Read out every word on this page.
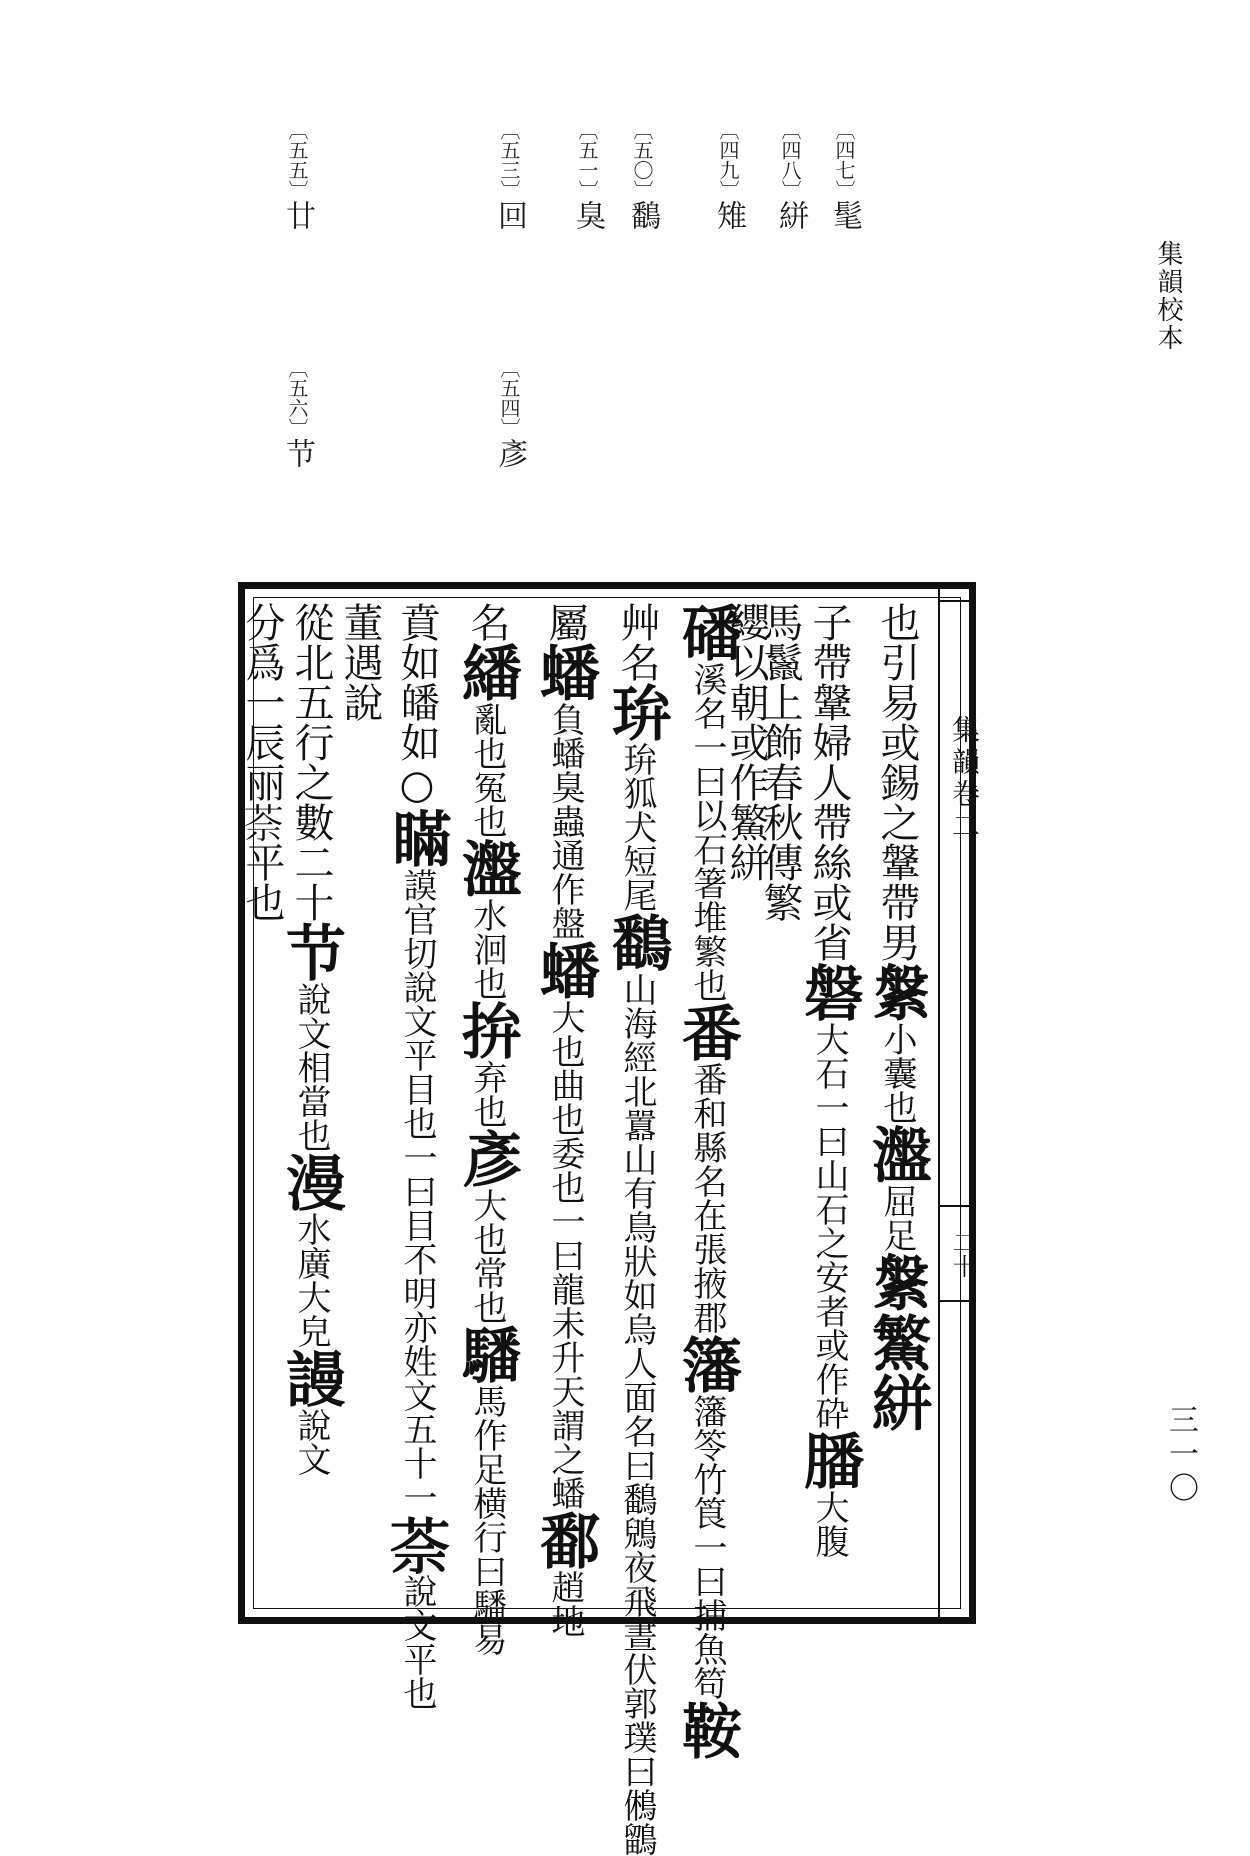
集韻校本
三一〇
〔四七〕髦
〔四八〕絣
〔四九〕雉
〔五〇〕鷭
〔五一〕臭
〔五三〕回
〔五四〕彥
〔五五〕廿
〔五六〕节
集韻卷二
二十
也引易或錫之鞶帶男
縏
小囊也
瀊
屈足
縏
鰵
絣
子帶鞶婦人帶絲或省
磐
大石一曰山石之安者或作砕
膰
大腹
馬鬣上飾春秋傳繁
纓以朝或作鰵絣
磻
溪名一曰以石箸堆繁也
番
番和縣名在張掖郡
籓
籓笭竹筤一曰捕魚笱
鞍
艸名
㺹
㺹狐犬短尾
鷭
山海經北囂山有鳥狀如烏人面名曰鷭鶂夜飛晝伏郭璞曰鵂鶹
屬
蟠
負蟠臭蟲通作盤
蟠
大也曲也委也一曰龍未升天謂之蟠
鄱
趙地
名
繙
亂也冤也
瀊
水洄也
拚
弃也
彥
大也常也
䮳
馬作足横行曰䮳易
賁如皤如
○
瞞
謨官切說文平目也一曰目不明亦姓文五十一
𦯬
說文平也
董遇說
從北五行之數二十
节
說文相當也
漫
水廣大皃
謾
說文
分爲一辰丽𦯬平也
